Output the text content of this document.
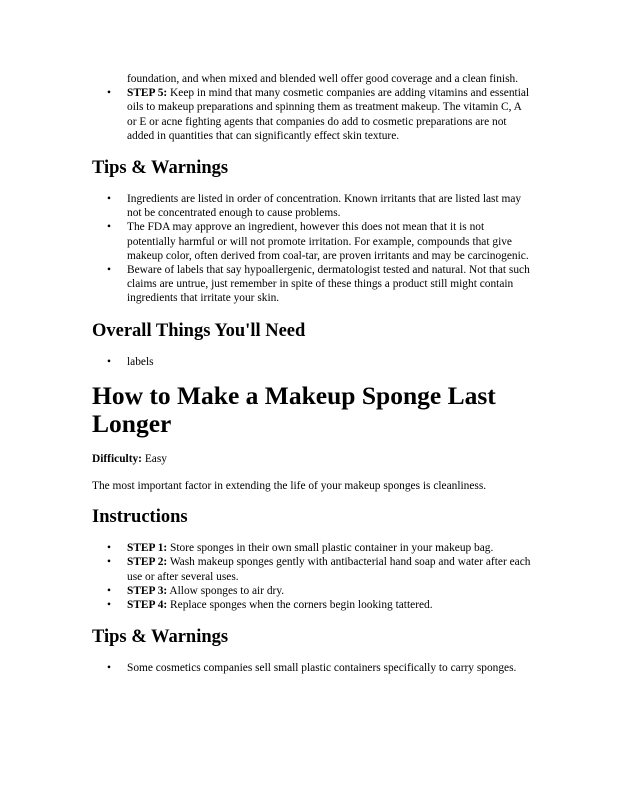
foundation, and when mixed and blended well offer good coverage and a clean finish.
• STEP 5: Keep in mind that many cosmetic companies are adding vitamins and essential oils to makeup preparations and spinning them as treatment makeup. The vitamin C, A or E or acne fighting agents that companies do add to cosmetic preparations are not added in quantities that can significantly effect skin texture.
Tips & Warnings
• Ingredients are listed in order of concentration. Known irritants that are listed last may not be concentrated enough to cause problems.
• The FDA may approve an ingredient, however this does not mean that it is not potentially harmful or will not promote irritation. For example, compounds that give makeup color, often derived from coal-tar, are proven irritants and may be carcinogenic.
• Beware of labels that say hypoallergenic, dermatologist tested and natural. Not that such claims are untrue, just remember in spite of these things a product still might contain ingredients that irritate your skin.
Overall Things You'll Need
• labels
How to Make a Makeup Sponge Last Longer

Difficulty: Easy

The most important factor in extending the life of your makeup sponges is cleanliness.

Instructions
• STEP 1: Store sponges in their own small plastic container in your makeup bag.
• STEP 2: Wash makeup sponges gently with antibacterial hand soap and water after each use or after several uses.
• STEP 3: Allow sponges to air dry.
• STEP 4: Replace sponges when the corners begin looking tattered.
Tips & Warnings
• Some cosmetics companies sell small plastic containers specifically to carry sponges.
